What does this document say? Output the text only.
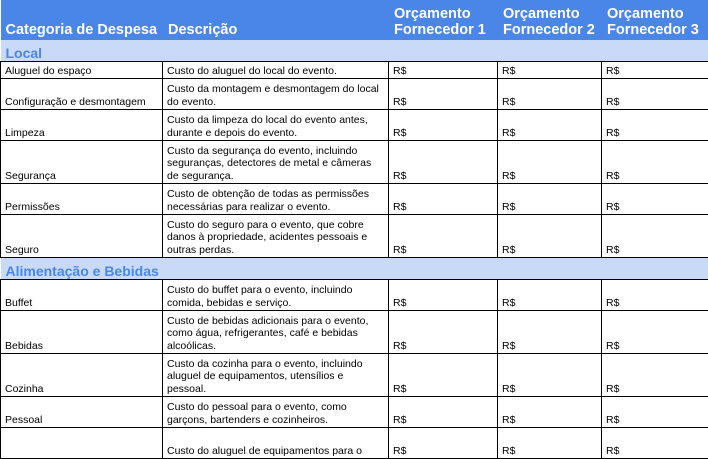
Categoria de Despesa	Descrição	Orçamento Fornecedor 1	Orçamento Fornecedor 2	Orçamento Fornecedor 3
Local				
Aluguel do espaço	Custo do aluguel do local do evento.	R$	R$	R$
Configuração e desmontagem	Custo da montagem e desmontagem do local do evento.	R$	R$	R$
Limpeza	Custo da limpeza do local do evento antes, durante e depois do evento.	R$	R$	R$
Segurança	Custo da segurança do evento, incluindo seguranças, detectores de metal e câmeras de segurança.	R$	R$	R$
Permissões	Custo de obtenção de todas as permissões necessárias para realizar o evento.	R$	R$	R$
Seguro	Custo do seguro para o evento, que cobre danos à propriedade, acidentes pessoais e outras perdas.	R$	R$	R$
Alimentação e Bebidas				
Buffet	Custo do buffet para o evento, incluindo comida, bebidas e serviço.	R$	R$	R$
Bebidas	Custo de bebidas adicionais para o evento, como água, refrigerantes, café e bebidas alcoólicas.	R$	R$	R$
Cozinha	Custo da cozinha para o evento, incluindo aluguel de equipamentos, utensílios e pessoal.	R$	R$	R$
Pessoal	Custo do pessoal para o evento, como garçons, bartenders e cozinheiros.	R$	R$	R$
	Custo do aluguel de equipamentos para o	R$	R$	R$
